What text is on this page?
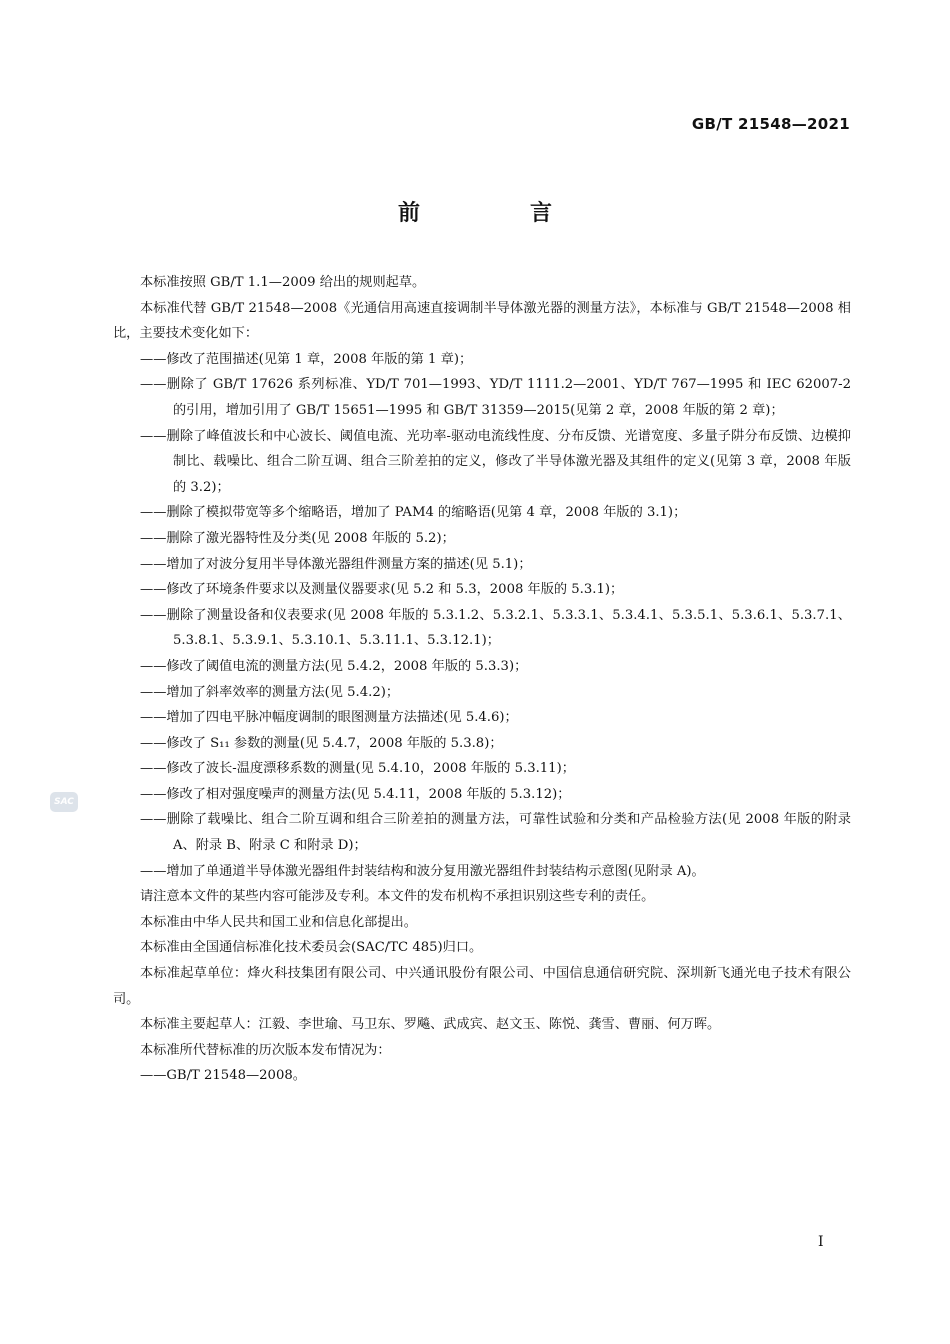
GB/T 21548—2021
前　言

本标准按照 GB/T 1.1—2009 给出的规则起草。

本标准代替 GB/T 21548—2008《光通信用高速直接调制半导体激光器的测量方法》，本标准与 GB/T 21548—2008 相比，主要技术变化如下：

——修改了范围描述(见第 1 章，2008 年版的第 1 章)；

——删除了 GB/T 17626 系列标准、YD/T 701—1993、YD/T 1111.2—2001、YD/T 767—1995 和 IEC 62007-2 的引用，增加引用了 GB/T 15651—1995 和 GB/T 31359—2015(见第 2 章，2008 年版的第 2 章)；

——删除了峰值波长和中心波长、阈值电流、光功率-驱动电流线性度、分布反馈、光谱宽度、多量子阱分布反馈、边模抑制比、载噪比、组合二阶互调、组合三阶差拍的定义，修改了半导体激光器及其组件的定义(见第 3 章，2008 年版的 3.2)；

——删除了模拟带宽等多个缩略语，增加了 PAM4 的缩略语(见第 4 章，2008 年版的 3.1)；

——删除了激光器特性及分类(见 2008 年版的 5.2)；

——增加了对波分复用半导体激光器组件测量方案的描述(见 5.1)；

——修改了环境条件要求以及测量仪器要求(见 5.2 和 5.3，2008 年版的 5.3.1)；

——删除了测量设备和仪表要求(见 2008 年版的 5.3.1.2、5.3.2.1、5.3.3.1、5.3.4.1、5.3.5.1、5.3.6.1、5.3.7.1、5.3.8.1、5.3.9.1、5.3.10.1、5.3.11.1、5.3.12.1)；

——修改了阈值电流的测量方法(见 5.4.2，2008 年版的 5.3.3)；

——增加了斜率效率的测量方法(见 5.4.2)；

——增加了四电平脉冲幅度调制的眼图测量方法描述(见 5.4.6)；

——修改了 S₁₁ 参数的测量(见 5.4.7，2008 年版的 5.3.8)；

——修改了波长-温度漂移系数的测量(见 5.4.10，2008 年版的 5.3.11)；

——修改了相对强度噪声的测量方法(见 5.4.11，2008 年版的 5.3.12)；

——删除了载噪比、组合二阶互调和组合三阶差拍的测量方法，可靠性试验和分类和产品检验方法(见 2008 年版的附录 A、附录 B、附录 C 和附录 D)；

——增加了单通道半导体激光器组件封装结构和波分复用激光器组件封装结构示意图(见附录 A)。

请注意本文件的某些内容可能涉及专利。本文件的发布机构不承担识别这些专利的责任。

本标准由中华人民共和国工业和信息化部提出。

本标准由全国通信标准化技术委员会(SAC/TC 485)归口。

本标准起草单位：烽火科技集团有限公司、中兴通讯股份有限公司、中国信息通信研究院、深圳新飞通光电子技术有限公司。

本标准主要起草人：江毅、李世瑜、马卫东、罗飚、武成宾、赵文玉、陈悦、龚雪、曹丽、何万晖。

本标准所代替标准的历次版本发布情况为：

——GB/T 21548—2008。

SAC
I
